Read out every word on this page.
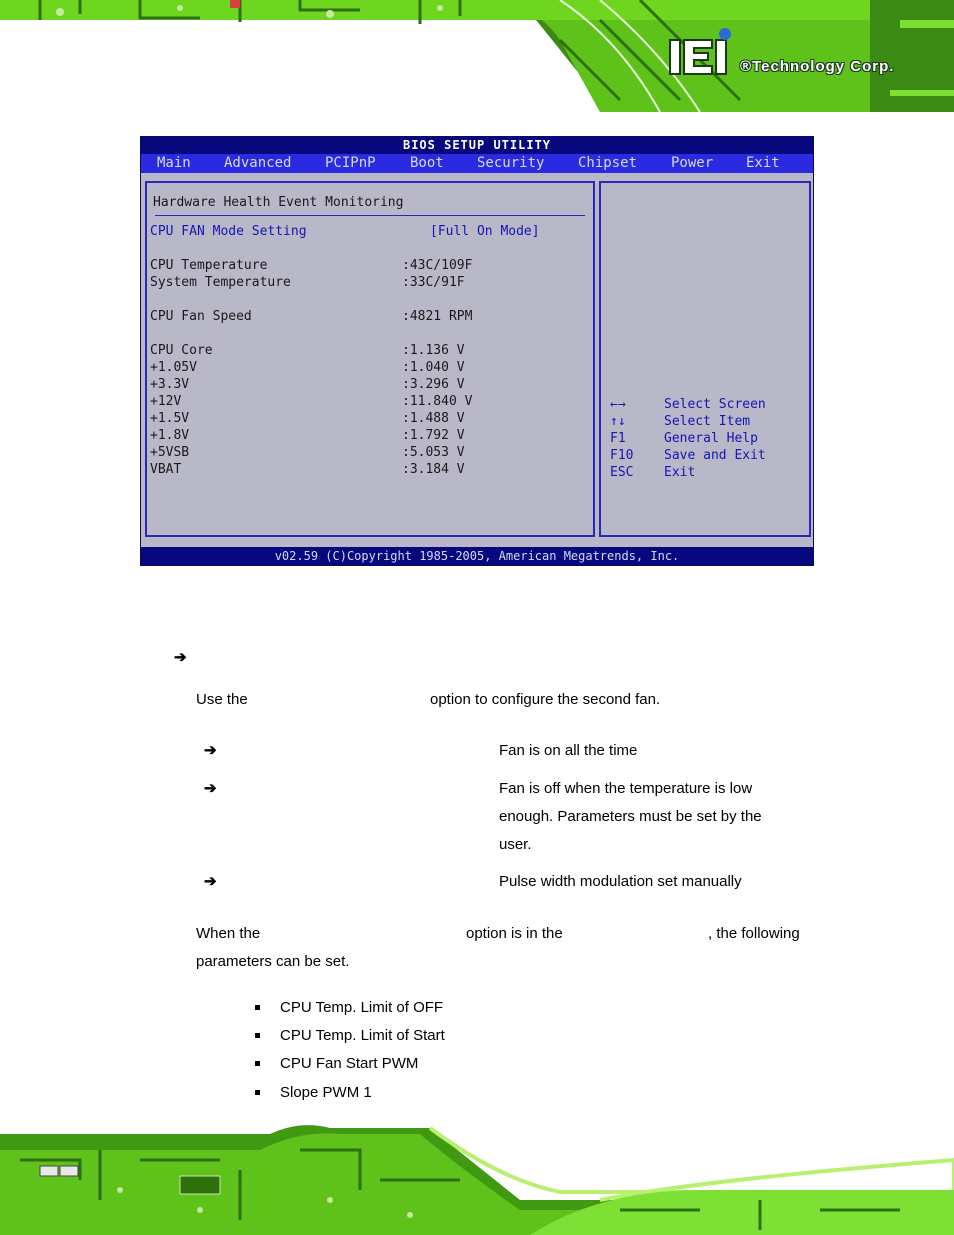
®Technology Corp.
BIOS SETUP UTILITY
Main Advanced PCIPnP Boot Security Chipset Power Exit
Hardware Health Event Monitoring
CPU FAN Mode Setting	[Full On Mode]
CPU Temperature	:43C/109F
System Temperature	:33C/91F
CPU Fan Speed	:4821 RPM
CPU Core	:1.136 V
+1.05V	:1.040 V
+3.3V	:3.296 V
+12V	:11.840 V
+1.5V	:1.488 V
+1.8V	:1.792 V
+5VSB	:5.053 V
VBAT	:3.184 V
←→	Select Screen
↑↓	Select Item
F1	General Help
F10 Save and Exit
ESC Exit
v02.59 (C)Copyright 1985-2005, American Megatrends, Inc.
➔
Use the	option to configure the second fan.
➔	Fan is on all the time
➔	Fan is off when the temperature is low
enough. Parameters must be set by the
user.
➔	Pulse width modulation set manually
When the	option is in the	, the following
parameters can be set.
CPU Temp. Limit of OFF
CPU Temp. Limit of Start
CPU Fan Start PWM
Slope PWM 1
